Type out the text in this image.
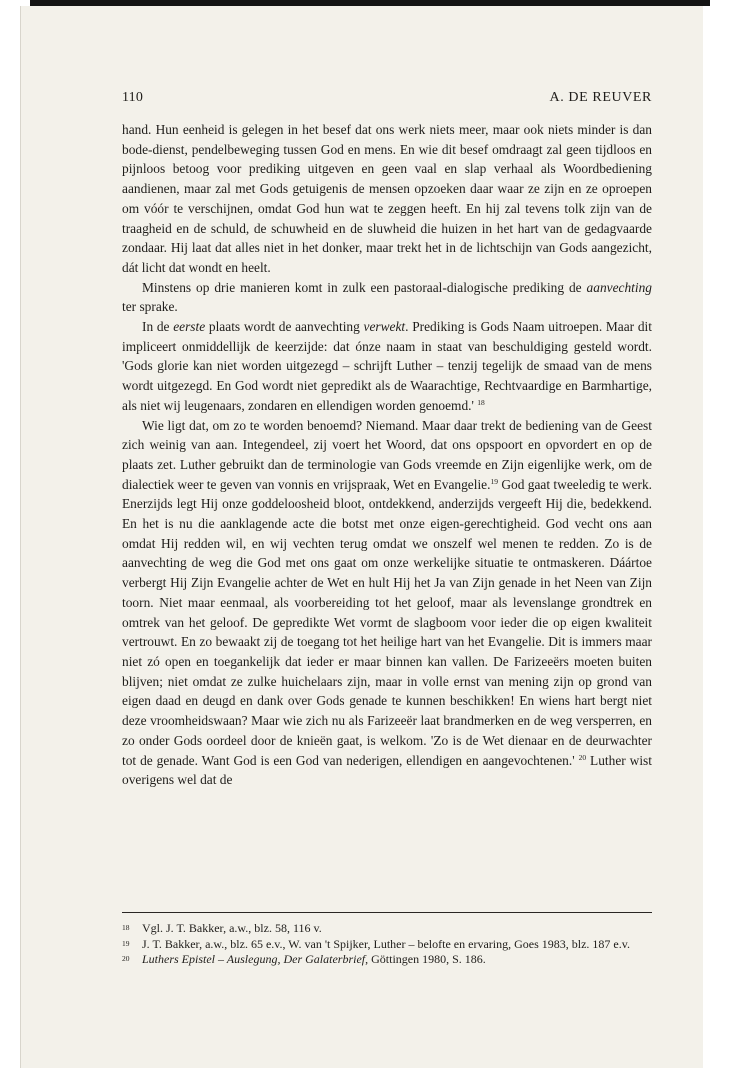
110	A. DE REUVER

hand. Hun eenheid is gelegen in het besef dat ons werk niets meer, maar ook niets minder is dan bode-dienst, pendelbeweging tussen God en mens. En wie dit besef omdraagt zal geen tijdloos en pijnloos betoog voor prediking uitgeven en geen vaal en slap verhaal als Woordbediening aandienen, maar zal met Gods getuigenis de mensen opzoeken daar waar ze zijn en ze oproepen om vóór te verschijnen, omdat God hun wat te zeggen heeft. En hij zal tevens tolk zijn van de traagheid en de schuld, de schuwheid en de sluwheid die huizen in het hart van de gedagvaarde zondaar. Hij laat dat alles niet in het donker, maar trekt het in de lichtschijn van Gods aangezicht, dát licht dat wondt en heelt.

Minstens op drie manieren komt in zulk een pastoraal-dialogische prediking de aanvechting ter sprake.

In de eerste plaats wordt de aanvechting verwekt. Prediking is Gods Naam uitroepen. Maar dit impliceert onmiddellijk de keerzijde: dat ónze naam in staat van beschuldiging gesteld wordt. 'Gods glorie kan niet worden uitgezegd – schrijft Luther – tenzij tegelijk de smaad van de mens wordt uitgezegd. En God wordt niet gepredikt als de Waarachtige, Rechtvaardige en Barmhartige, als niet wij leugenaars, zondaren en ellendigen worden genoemd.' $^{18}$

Wie ligt dat, om zo te worden benoemd? Niemand. Maar daar trekt de bediening van de Geest zich weinig van aan. Integendeel, zij voert het Woord, dat ons opspoort en opvordert en op de plaats zet. Luther gebruikt dan de terminologie van Gods vreemde en Zijn eigenlijke werk, om de dialectiek weer te geven van vonnis en vrijspraak, Wet en Evangelie.$^{19}$ God gaat tweeledig te werk. Enerzijds legt Hij onze goddeloosheid bloot, ontdekkend, anderzijds vergeeft Hij die, bedekkend. En het is nu die aanklagende acte die botst met onze eigen-gerechtigheid. God vecht ons aan omdat Hij redden wil, en wij vechten terug omdat we onszelf wel menen te redden. Zo is de aanvechting de weg die God met ons gaat om onze werkelijke situatie te ontmaskeren. Dáártoe verbergt Hij Zijn Evangelie achter de Wet en hult Hij het Ja van Zijn genade in het Neen van Zijn toorn. Niet maar eenmaal, als voorbereiding tot het geloof, maar als levenslange grondtrek en omtrek van het geloof. De gepredikte Wet vormt de slagboom voor ieder die op eigen kwaliteit vertrouwt. En zo bewaakt zij de toegang tot het heilige hart van het Evangelie. Dit is immers maar niet zó open en toegankelijk dat ieder er maar binnen kan vallen. De Farizeeërs moeten buiten blijven; niet omdat ze zulke huichelaars zijn, maar in volle ernst van mening zijn op grond van eigen daad en deugd en dank over Gods genade te kunnen beschikken! En wiens hart bergt niet deze vroomheidswaan? Maar wie zich nu als Farizeeër laat brandmerken en de weg versperren, en zo onder Gods oordeel door de knieën gaat, is welkom. 'Zo is de Wet dienaar en de deurwachter tot de genade. Want God is een God van nederigen, ellendigen en aangevochtenen.' $^{20}$ Luther wist overigens wel dat de

18 Vgl. J. T. Bakker, a.w., blz. 58, 116 v.
19 J. T. Bakker, a.w., blz. 65 e.v., W. van 't Spijker, Luther – belofte en ervaring, Goes 1983, blz. 187 e.v.
20 Luthers Epistel – Auslegung, Der Galaterbrief, Göttingen 1980, S. 186.
